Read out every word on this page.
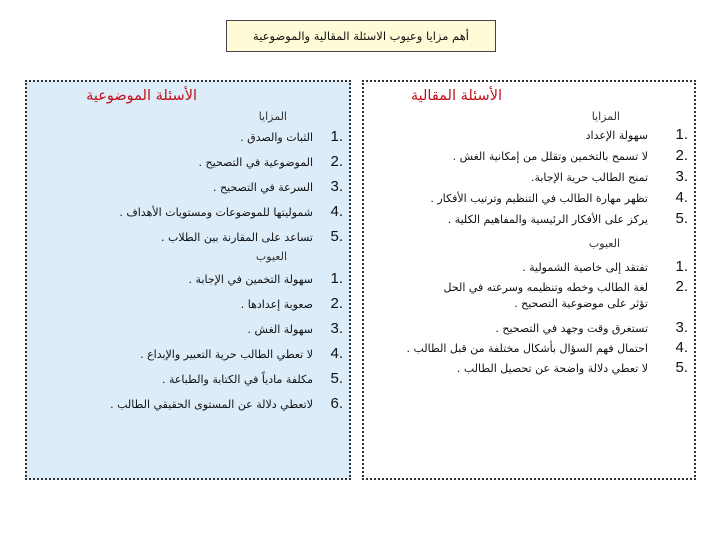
أهم مزايا وعيوب الاسئلة المقالية والموضوعية
الأسئلة الموضوعية
المزايا
1.
الثبات والصدق .
2.
الموضوعية في التصحيح .
3.
السرعة في التصحيح .
4.
شموليتها للموضوعات ومستويات الأهداف .
5.
تساعد على المقارنة بين الطلاب .
العيوب
1.
سهولة التخمين في الإجابة .
2.
صعوبة إعدادها .
3.
سهولة الغش .
4.
لا تعطي الطالب حرية التعبير والإبداع .
5.
مكلفة مادياً في الكتابة والطباعة .
6.
لاتعطي دلالة عن المستوى الحقيقي الطالب .
الأسئلة المقالية
المزايا
1.
سهولة الإعداد
2.
لا تسمح بالتخمين وتقلل من إمكانية الغش .
3.
تمنح الطالب حرية الإجابة.
4.
تظهر مهارة الطالب في التنظيم وترتيب الأفكار .
5.
يركز على الأفكار الرئيسية والمفاهيم الكلية .
العيوب
1.
تفتقد إلى خاصية الشمولية .
2.
لغة الطالب وخطه وتنظيمه وسرعته في الحل تؤثر على موضوعية التصحيح .
3.
تستغرق وقت وجهد في التصحيح .
4.
احتمال فهم السؤال بأشكال مختلفة من قبل الطالب .
5.
لا تعطي دلالة واضحة عن تحصيل الطالب .
